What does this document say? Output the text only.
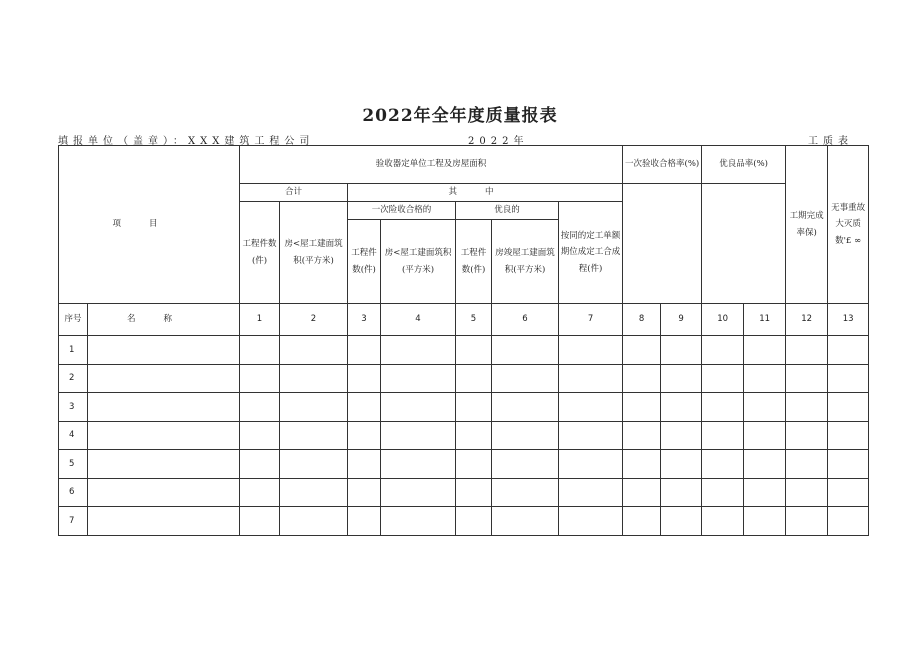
2022年全年度质量报表
填报单位（盖章）：XXX建筑工程公司	2022年	工质表
项目		验收器定单位工程及房屋面积							一次验收合格率(%)		优良品率(%)		工期完成率保)	无事重故大灭质数'£ ∞
		合计		其中										
		工程件数(件)	房<屋工建面筑积(平方米)	一次险收合格的		优良的		按同的定工单额期位成定工合成程(件)						
				工程件数(件)	房<屋工建面筑积(平方米)	工程件数(件)	房竣屋工建面筑积(平方米)							
序号	名称	1	2	3	4	5	6	7	8	9	10	11	12	13
1														
2														
3														
4														
5														
6														
7														
